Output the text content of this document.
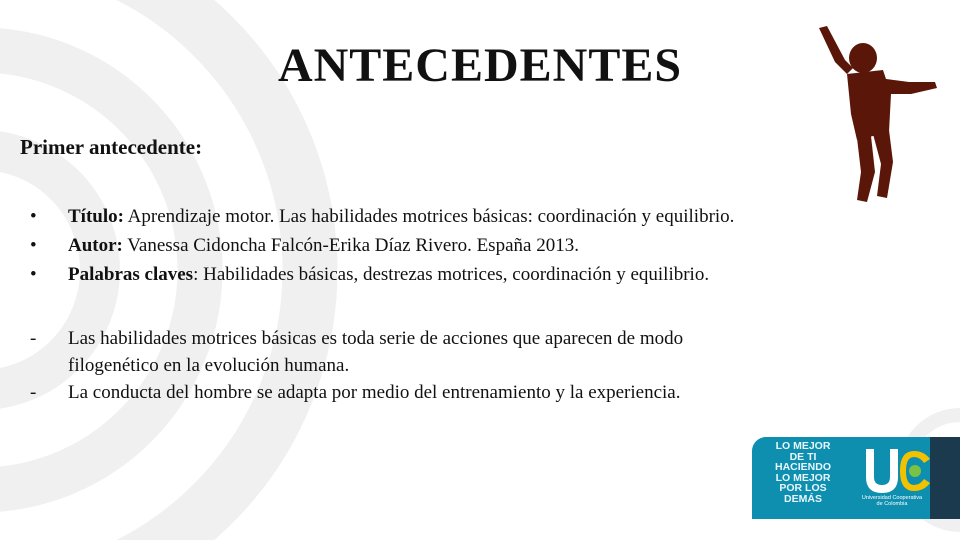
ANTECEDENTES
Primer antecedente:
• Título: Aprendizaje motor. Las habilidades motrices básicas: coordinación y equilibrio.
• Autor: Vanessa Cidoncha Falcón-Erika Díaz Rivero. España 2013.
• Palabras claves: Habilidades básicas, destrezas motrices, coordinación y equilibrio.
- Las habilidades motrices básicas es toda serie de acciones que aparecen de modo
filogenético en la evolución humana.
- La conducta del hombre se adapta por medio del entrenamiento y la experiencia.
LO MEJOR
DE TI
HACIENDO
LO MEJOR
POR LOS
DEMÁS	Universidad Cooperativa
de Colombia
